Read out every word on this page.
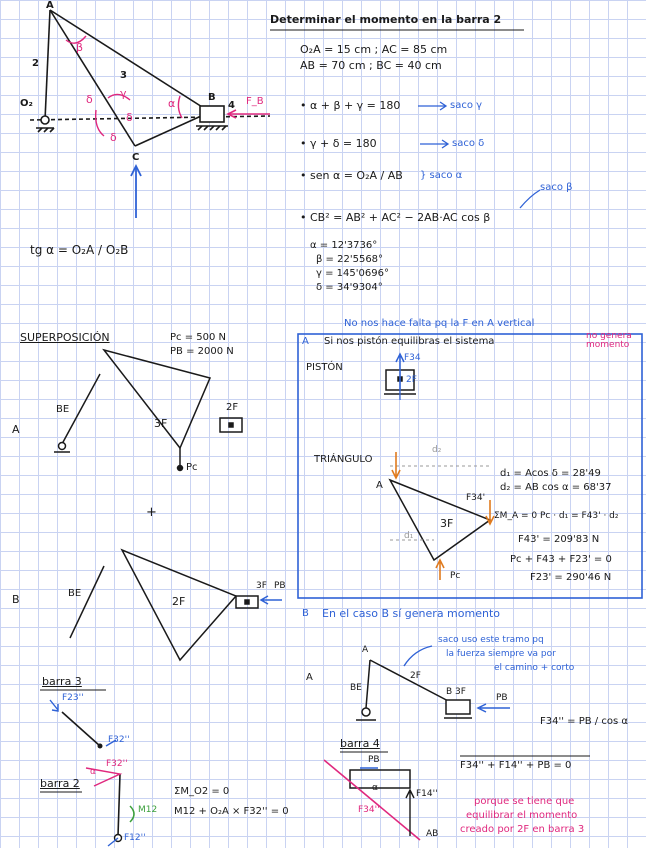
Determinar el momento en la barra 2
O₂A = 15 cm ; AC = 85 cm
AB = 70 cm ; BC = 40 cm
A
B
C
O₂
2
3
4
β
γ
δ
δ
δ
α	F_B	• α + β + γ = 180	saco γ
• γ + δ = 180	saco δ
• sen α = O₂A / AB } saco α
saco β
• CB² = AB² + AC² − 2AB·AC cos β
tg α = O₂A / O₂B	α = 12'3736°
β = 22'5568°
γ = 145'0696°
δ = 34'9304°
SUPERPOSICIÓN	Pc = 500 N
PB = 2000 N
A
BE
3F
2F
Pc
+
B	BE
2F
3F PB
No nos hace falta pq la F en A vertical
A Si nos pistón equilibras el sistema	no genera momento
PISTÓN
F34
2F
TRIÁNGULO
d₂
d₁
A
F34'
3F
Pc
d₁ = Acos δ = 28'49
d₂ = AB cos α = 68'37
ΣM_A = 0 Pc · d₁ = F43' · d₂
F43' = 209'83 N
Pc + F43 + F23' = 0
F23' = 290'46 N
B En el caso B sí genera momento
saco uso este tramo pq
la fuerza siempre va por
el camino + corto
A
A
BE
2F
B 3F
PB
F34'' = PB / cos α
F34'' + F14'' + PB = 0
barra 3
F23''
F32''
barra 2
α
F32''
M12
F12''
ΣM_O2 = 0
M12 + O₂A × F32'' = 0
barra 4
PB
α
F14''
F34''
AB
porque se tiene que
equilibrar el momento
creado por 2F en barra 3
